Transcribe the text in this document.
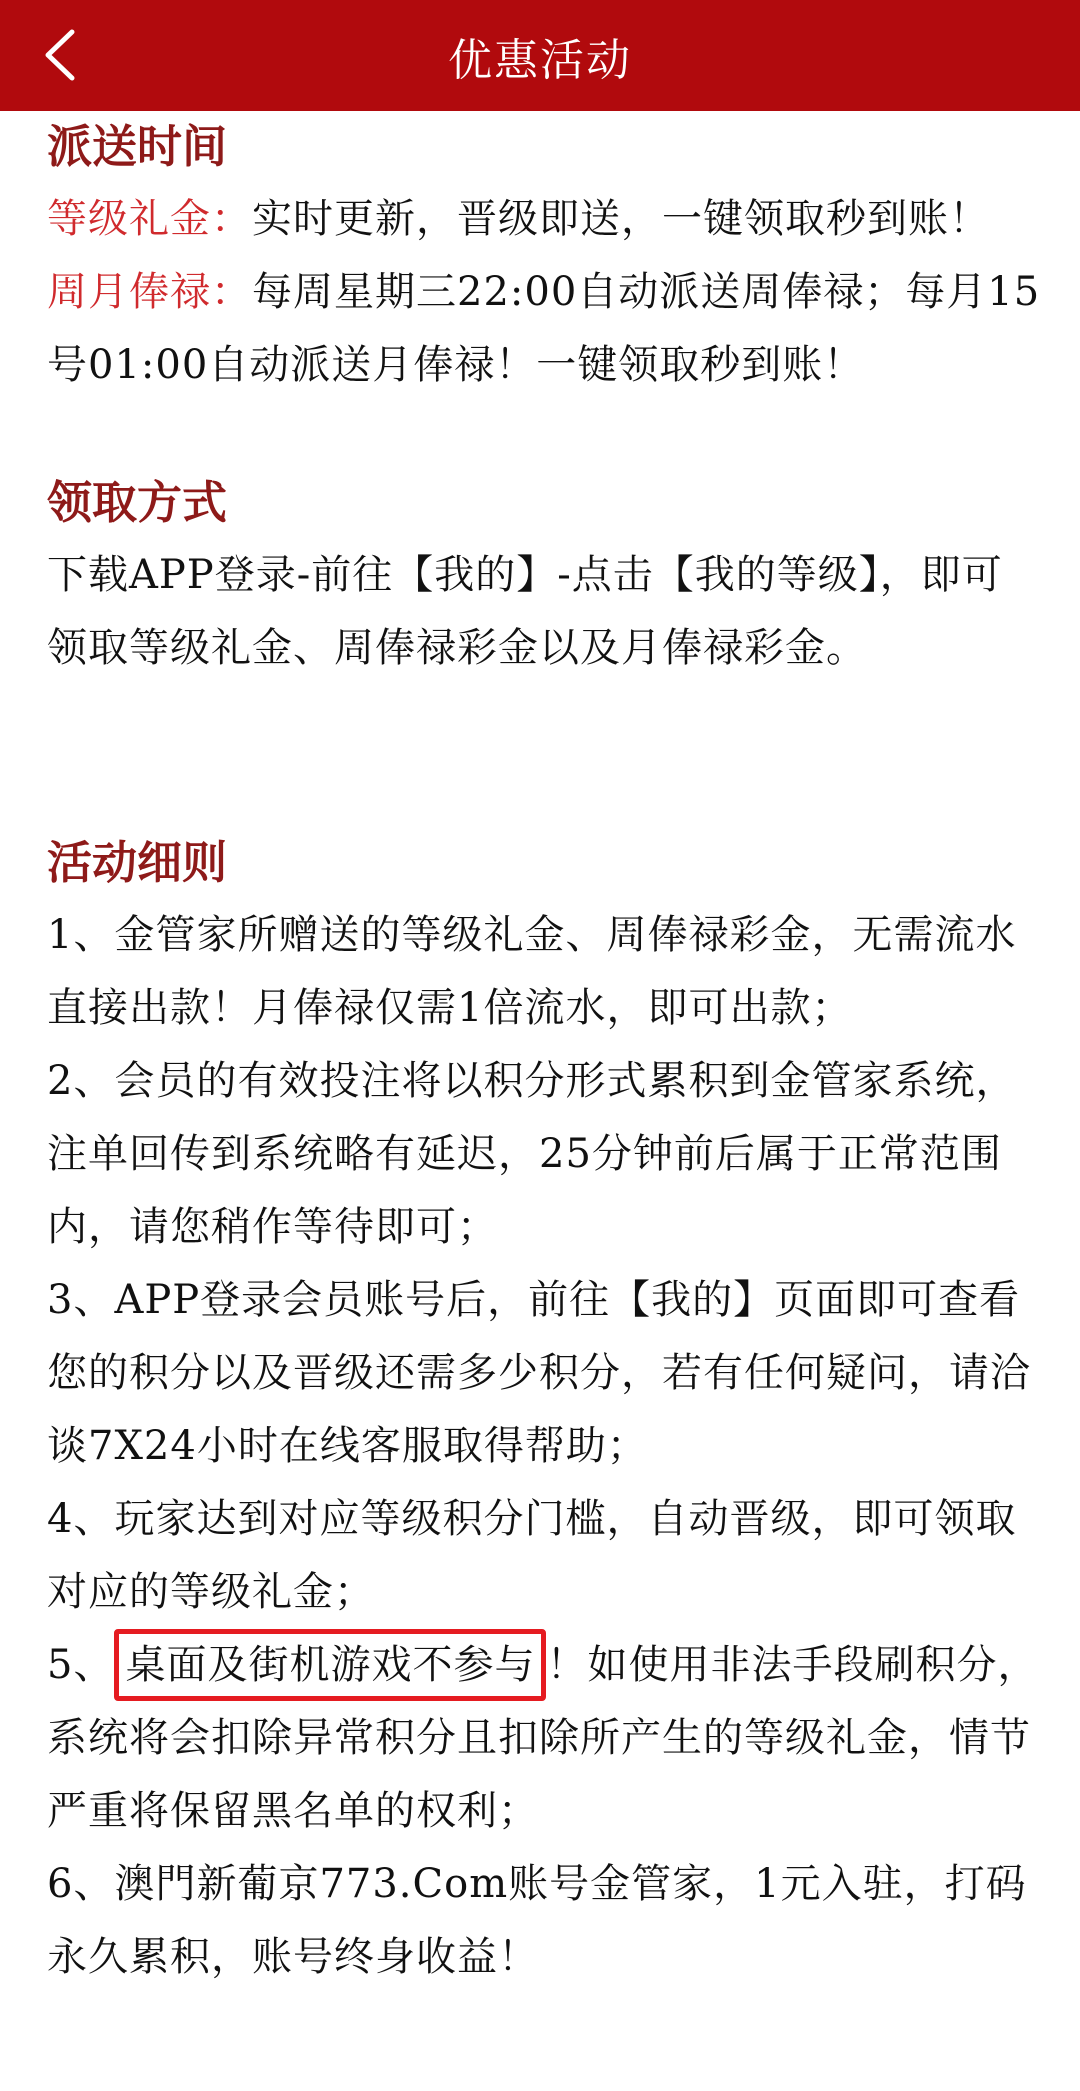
优惠活动
派送时间

等级礼金：实时更新，晋级即送，一键领取秒到账！

周月俸禄：每周星期三22:00自动派送周俸禄；每月15号01:00自动派送月俸禄！一键领取秒到账！

领取方式

下载APP登录-前往【我的】-点击【我的等级】，即可领取等级礼金、周俸禄彩金以及月俸禄彩金。

活动细则

1、金管家所赠送的等级礼金、周俸禄彩金，无需流水直接出款！月俸禄仅需1倍流水，即可出款；

2、会员的有效投注将以积分形式累积到金管家系统，注单回传到系统略有延迟，25分钟前后属于正常范围内，请您稍作等待即可；

3、APP登录会员账号后，前往【我的】页面即可查看您的积分以及晋级还需多少积分，若有任何疑问，请洽谈7X24小时在线客服取得帮助；

4、玩家达到对应等级积分门槛，自动晋级，即可领取对应的等级礼金；

5、 桌面及街机游戏不参与 ！如使用非法手段刷积分，系统将会扣除异常积分且扣除所产生的等级礼金，情节严重将保留黑名单的权利；

6、澳門新葡京773.Com账号金管家，1元入驻，打码永久累积，账号终身收益！
